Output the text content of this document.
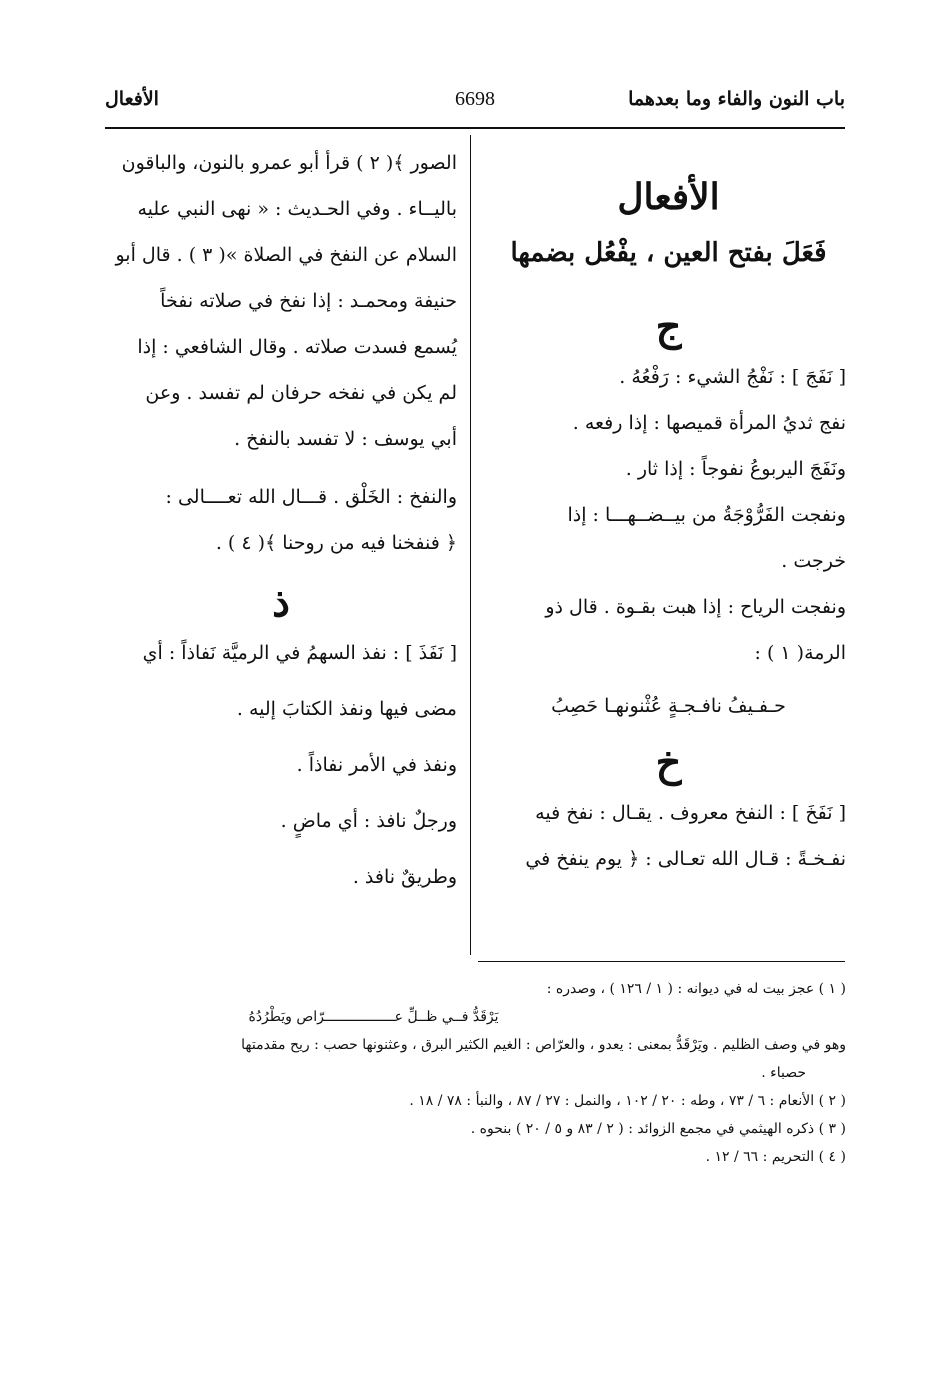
باب النون والفاء وما بعدهما
6698
الأفعال
الأفعال
فَعَلَ بفتح العين ، يفْعُل بضمها
ج
[ نَفَجَ ] : نَفْجُ الشيء : رَفْعُهُ .
نفج ثديُ المرأة قميصها : إذا رفعه .
ونَفَجَ اليربوعُ نفوجاً : إذا ثار .
ونفجت الفَرُّوْجَةُ من بيــضــهـــا : إذا
خرجت .
ونفجت الرياح : إذا هبت بقـوة . قال ذو
الرمة( ١ ) :
حـفـيفُ نافـجـةٍ عُثْنونهـا حَصِبُ
خ
[ نَفَخَ ] : النفخ معروف . يقـال : نفخ فيه
نفـخـةً : قـال الله تعـالى : ﴿ يوم ينفخ في
الصور ﴾( ٢ ) قرأ أبو عمرو بالنون، والباقون
باليــاء . وفي الحـديث : « نهى النبي عليه
السلام عن النفخ في الصلاة »( ٣ ) . قال أبو
حنيفة ومحمـد : إذا نفخ في صلاته نفخاً
يُسمع فسدت صلاته . وقال الشافعي : إذا
لم يكن في نفخه حرفان لم تفسد . وعن
أبي يوسف : لا تفسد بالنفخ .
والنفخ : الخَلْق . قـــال الله تعــــالى :
﴿ فنفخنا فيه من روحنا ﴾( ٤ ) .
ذ
[ نَفَذَ ] : نفذ السهمُ في الرميَّة نَفاذاً : أي
مضى فيها ونفذ الكتابَ إليه .
ونفذ في الأمر نفاذاً .
ورجلٌ نافذ : أي ماضٍ .
وطريقٌ نافذ .
( ١ ) عجز بيت له في ديوانه : ( ١ / ١٢٦ ) ، وصدره :
يَرْقَدُّ فــي ظــلِّ عـــــــــــــــــرّاص ويَطْرُدُهُ
وهو في وصف الظليم . ويَرْقَدُّ بمعنى : يعدو ، والعرّاص : الغيم الكثير البرق ، وعثنونها حصب : ريح مقدمتها
حصباء .
( ٢ ) الأنعام : ٦ / ٧٣ ، وطه : ٢٠ / ١٠٢ ، والنمل : ٢٧ / ٨٧ ، والنبأ : ٧٨ / ١٨ .
( ٣ ) ذكره الهيثمي في مجمع الزوائد : ( ٢ / ٨٣ و ٥ / ٢٠ ) بنحوه .
( ٤ ) التحريم : ٦٦ / ١٢ .
